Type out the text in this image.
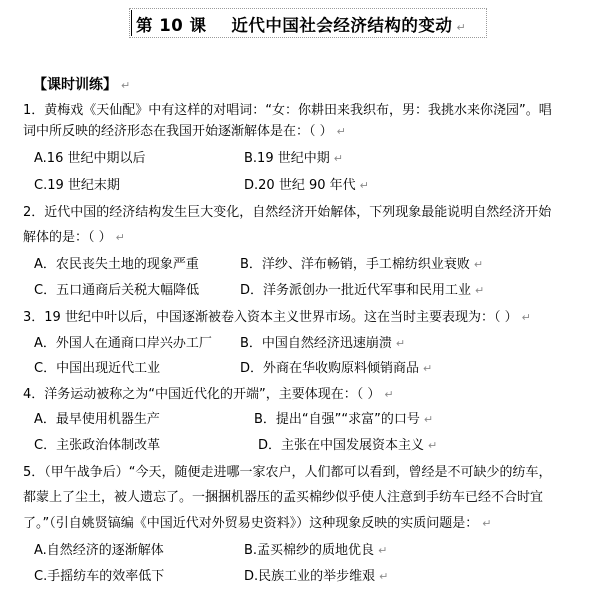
第 10 课    近代中国社会经济结构的变动 ↵
【课时训练】 ↵
1．黄梅戏《天仙配》中有这样的对唱词：“女：你耕田来我织布，男：我挑水来你浇园”。唱
词中所反映的经济形态在我国开始逐渐解体是在：（ ） ↵
A.16 世纪中期以后	B.19 世纪中期 ↵
C.19 世纪末期	D.20 世纪 90 年代 ↵
2．近代中国的经济结构发生巨大变化，自然经济开始解体，下列现象最能说明自然经济开始
解体的是：（ ） ↵
A．农民丧失土地的现象严重	B．洋纱、洋布畅销，手工棉纺织业衰败 ↵
C．五口通商后关税大幅降低	D．洋务派创办一批近代军事和民用工业 ↵
3．19 世纪中叶以后，中国逐渐被卷入资本主义世界市场。这在当时主要表现为：（ ） ↵
A．外国人在通商口岸兴办工厂 B．中国自然经济迅速崩溃 ↵
C．中国出现近代工业	D．外商在华收购原料倾销商品 ↵
4．洋务运动被称之为“中国近代化的开端”，主要体现在：（ ） ↵
A．最早使用机器生产	B．提出“自强”“求富”的口号 ↵
C．主张政治体制改革	D．主张在中国发展资本主义 ↵
5．（甲午战争后）“今天，随便走进哪一家农户，人们都可以看到，曾经是不可缺少的纺车，
都蒙上了尘土，被人遗忘了。一捆捆机器压的孟买棉纱似乎使人注意到手纺车已经不合时宜
了。”（引自姚贤镐编《中国近代对外贸易史资料》）这种现象反映的实质问题是： ↵
A.自然经济的逐渐解体	B.孟买棉纱的质地优良 ↵
C.手摇纺车的效率低下	D.民族工业的举步维艰 ↵
